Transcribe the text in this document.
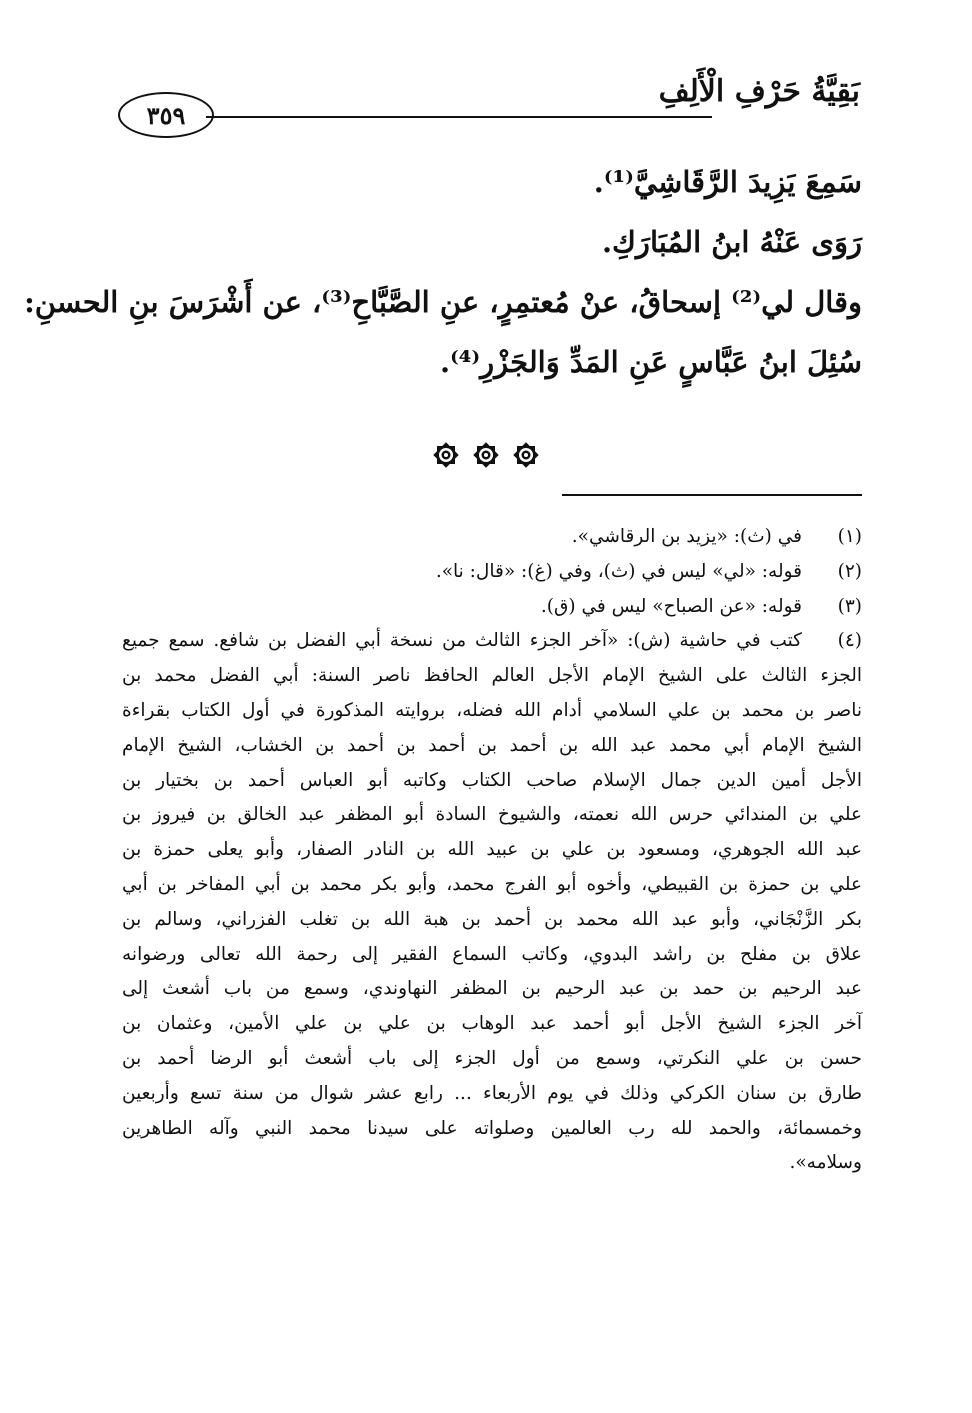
بَقِيَّةُ حَرْفِ الْأَلِفِ
٣٥٩
سَمِعَ يَزِيدَ الرَّقَاشِيَّ⁽¹⁾.
رَوَى عَنْهُ ابنُ المُبَارَكِ.
وقال لي⁽²⁾ إسحاقُ، عنْ مُعتمِرٍ، عنِ الصَّبَّاحِ⁽³⁾، عن أَشْرَسَ بنِ الحسنِ:
سُئِلَ ابنُ عَبَّاسٍ عَنِ المَدِّ وَالجَزْرِ⁽⁴⁾.
(١)
في (ث): «يزيد بن الرقاشي».
(٢)
قوله: «لي» ليس في (ث)، وفي (غ): «قال: نا».
(٣)
قوله: «عن الصباح» ليس في (ق).
(٤)
كتب في حاشية (ش): «آخر الجزء الثالث من نسخة أبي الفضل بن شافع. سمع جميع
الجزء الثالث على الشيخ الإمام الأجل العالم الحافظ ناصر السنة: أبي الفضل محمد بن
ناصر بن محمد بن علي السلامي أدام الله فضله، بروايته المذكورة في أول الكتاب بقراءة
الشيخ الإمام أبي محمد عبد الله بن أحمد بن أحمد بن أحمد بن الخشاب، الشيخ الإمام
الأجل أمين الدين جمال الإسلام صاحب الكتاب وكاتبه أبو العباس أحمد بن بختيار بن
علي بن المندائي حرس الله نعمته، والشيوخ السادة أبو المظفر عبد الخالق بن فيروز بن
عبد الله الجوهري، ومسعود بن علي بن عبيد الله بن النادر الصفار، وأبو يعلى حمزة بن
علي بن حمزة بن القبيطي، وأخوه أبو الفرج محمد، وأبو بكر محمد بن أبي المفاخر بن أبي
بكر الزَّنْجَاني، وأبو عبد الله محمد بن أحمد بن هبة الله بن تغلب الفزراني، وسالم بن
علاق بن مفلح بن راشد البدوي، وكاتب السماع الفقير إلى رحمة الله تعالى ورضوانه
عبد الرحيم بن حمد بن عبد الرحيم بن المظفر النهاوندي، وسمع من باب أشعث إلى
آخر الجزء الشيخ الأجل أبو أحمد عبد الوهاب بن علي بن علي الأمين، وعثمان بن
حسن بن علي النكرتي، وسمع من أول الجزء إلى باب أشعث أبو الرضا أحمد بن
طارق بن سنان الكركي وذلك في يوم الأربعاء ... رابع عشر شوال من سنة تسع وأربعين
وخمسمائة، والحمد لله رب العالمين وصلواته على سيدنا محمد النبي وآله الطاهرين
وسلامه».
